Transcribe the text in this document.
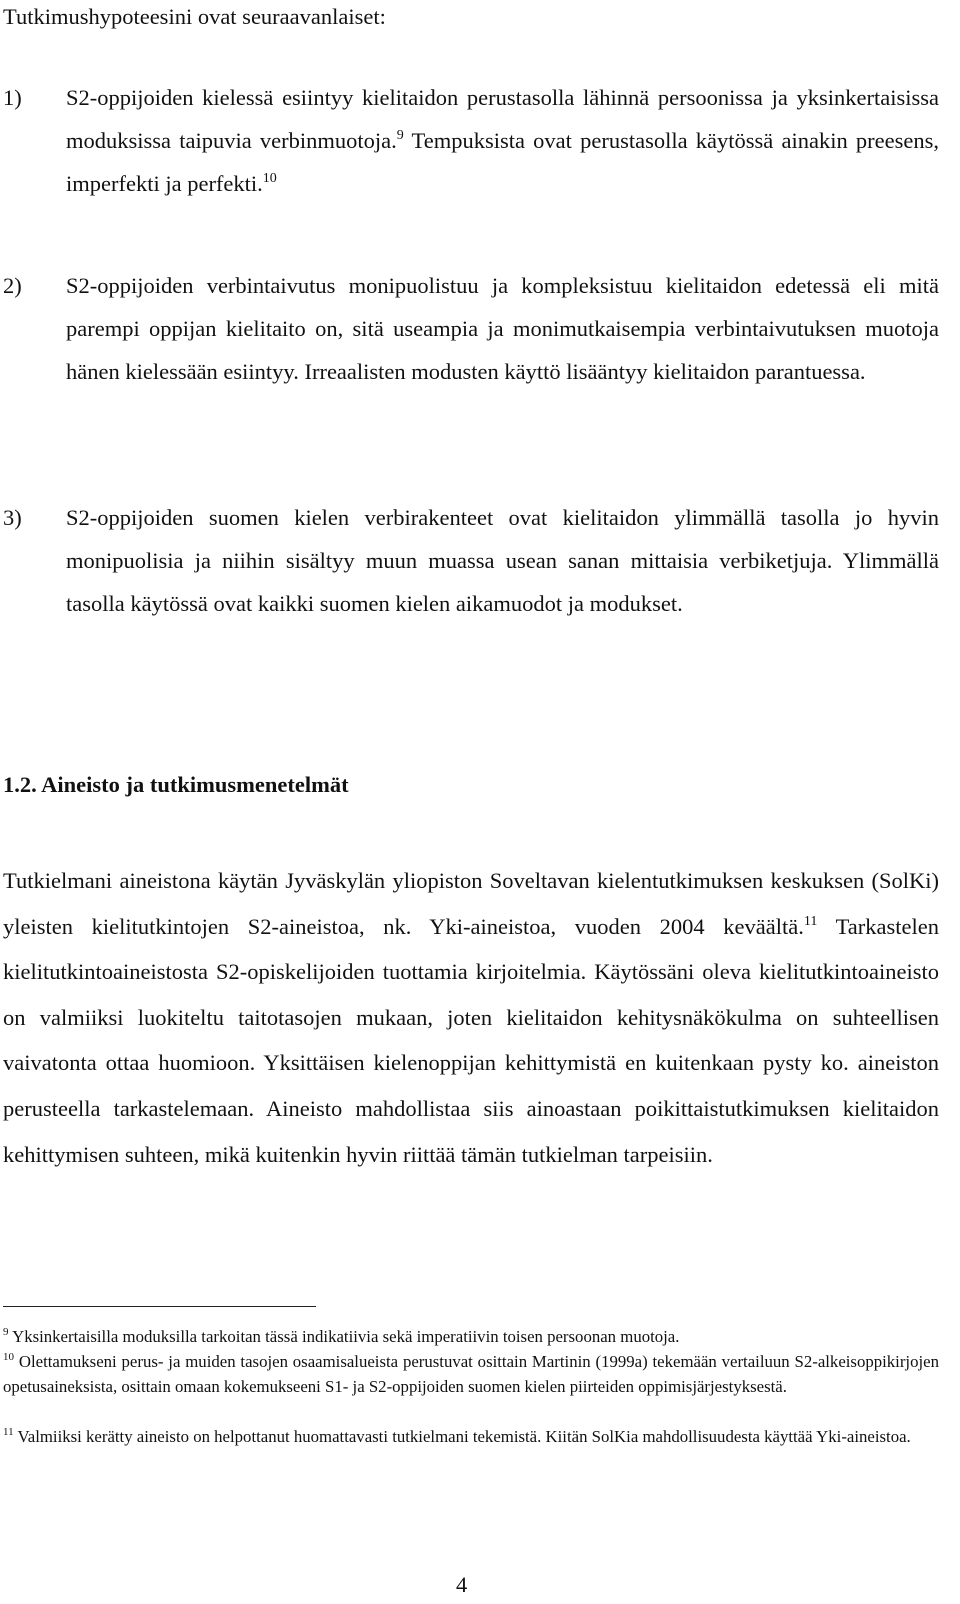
Tutkimushypoteesini ovat seuraavanlaiset:

1)	S2-oppijoiden kielessä esiintyy kielitaidon perustasolla lähinnä persoonissa ja yksinkertaisissa moduksissa taipuvia verbinmuotoja.$^9$ Tempuksista ovat perustasolla käytössä ainakin preesens, imperfekti ja perfekti.$^{10}$
2)	S2-oppijoiden verbintaivutus monipuolistuu ja kompleksistuu kielitaidon edetessä eli mitä parempi oppijan kielitaito on, sitä useampia ja monimutkaisempia verbintaivutuksen muotoja hänen kielessään esiintyy. Irreaalisten modusten käyttö lisääntyy kielitaidon parantuessa.
3)	S2-oppijoiden suomen kielen verbirakenteet ovat kielitaidon ylimmällä tasolla jo hyvin monipuolisia ja niihin sisältyy muun muassa usean sanan mittaisia verbiketjuja. Ylimmällä tasolla käytössä ovat kaikki suomen kielen aikamuodot ja modukset.
1.2. Aineisto ja tutkimusmenetelmät
Tutkielmani aineistona käytän Jyväskylän yliopiston Soveltavan kielentutkimuksen keskuksen (SolKi) yleisten kielitutkintojen S2-aineistoa, nk. Yki-aineistoa, vuoden 2004 keväältä.$^{11}$ Tarkastelen kielitutkintoaineistosta S2-opiskelijoiden tuottamia kirjoitelmia. Käytössäni oleva kielitutkintoaineisto on valmiiksi luokiteltu taitotasojen mukaan, joten kielitaidon kehitysnäkökulma on suhteellisen vaivatonta ottaa huomioon. Yksittäisen kielenoppijan kehittymistä en kuitenkaan pysty ko. aineiston perusteella tarkastelemaan. Aineisto mahdollistaa siis ainoastaan poikittaistutkimuksen kielitaidon kehittymisen suhteen, mikä kuitenkin hyvin riittää tämän tutkielman tarpeisiin.
$^9$ Yksinkertaisilla moduksilla tarkoitan tässä indikatiivia sekä imperatiivin toisen persoonan muotoja.
$^{10}$ Olettamukseni perus- ja muiden tasojen osaamisalueista perustuvat osittain Martinin (1999a) tekemään vertailuun S2-alkeisoppikirjojen opetusaineksista, osittain omaan kokemukseeni S1- ja S2-oppijoiden suomen kielen piirteiden oppimisjärjestyksestä.
$^{11}$ Valmiiksi kerätty aineisto on helpottanut huomattavasti tutkielmani tekemistä. Kiitän SolKia mahdollisuudesta käyttää Yki-aineistoa.
4
